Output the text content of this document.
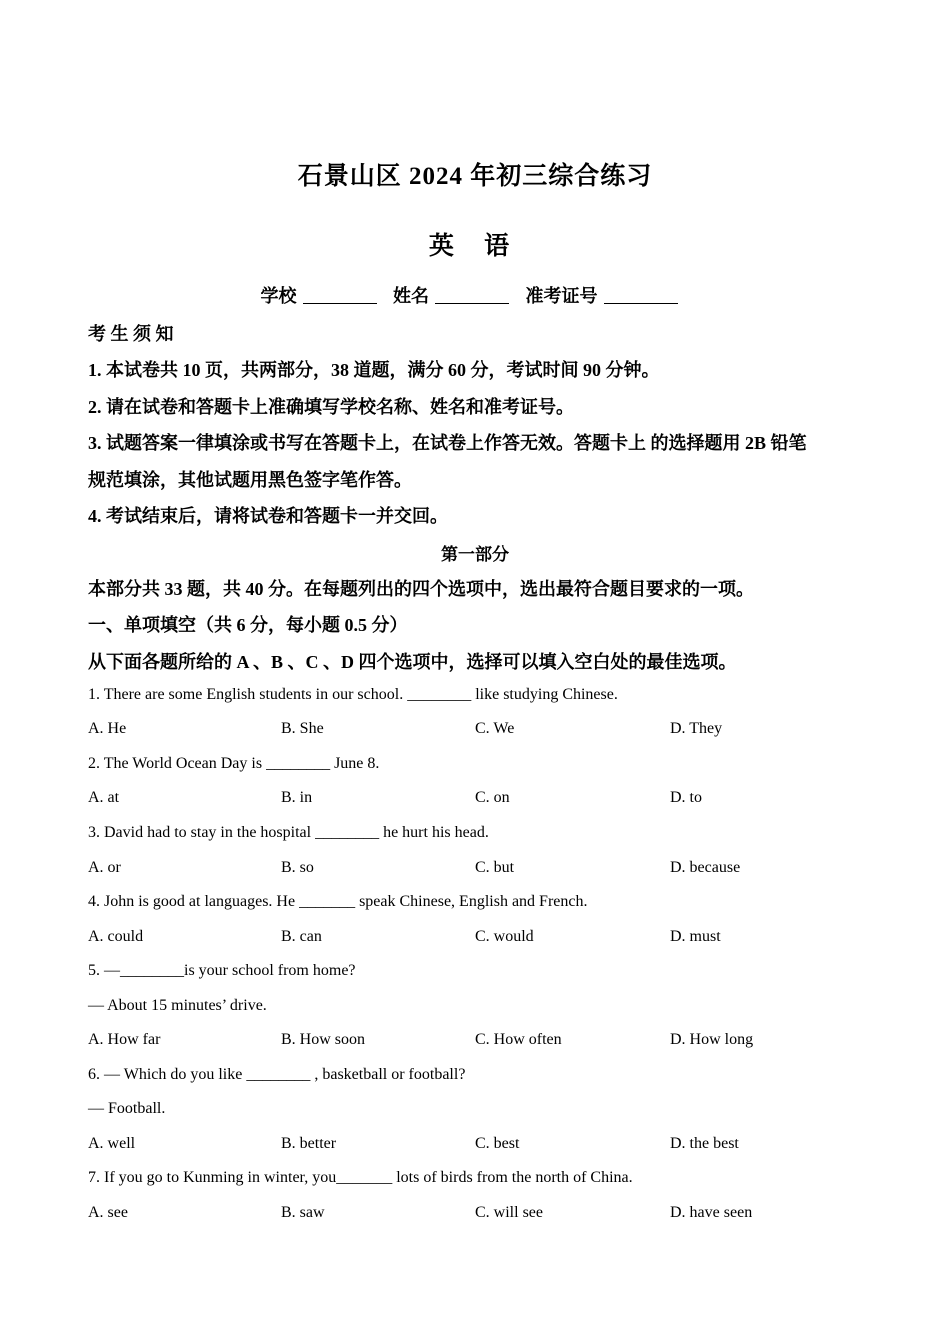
石景山区 2024 年初三综合练习
英 语
学校	姓名	准考证号
考 生 须 知
1. 本试卷共 10 页，共两部分，38 道题，满分 60 分，考试时间 90 分钟。
2. 请在试卷和答题卡上准确填写学校名称、姓名和准考证号。
3. 试题答案一律填涂或书写在答题卡上，在试卷上作答无效。答题卡上 的选择题用 2B 铅笔
规范填涂，其他试题用黑色签字笔作答。
4. 考试结束后，请将试卷和答题卡一并交回。
第一部分
本部分共 33 题，共 40 分。在每题列出的四个选项中，选出最符合题目要求的一项。
一、单项填空（共 6 分，每小题 0.5 分）
从下面各题所给的 A 、B 、C 、D 四个选项中，选择可以填入空白处的最佳选项。
1. There are some English students in our school. ________ like studying Chinese.
A. He	B. She	C. We	D. They
2. The World Ocean Day is ________ June 8.
A. at	B. in	C. on	D. to
3. David had to stay in the hospital ________ he hurt his head.
A. or	B. so	C. but	D. because
4. John is good at languages. He _______ speak Chinese, English and French.
A. could	B. can	C. would	D. must
5. —________is your school from home?
— About 15 minutes’ drive.
A. How far	B. How soon	C. How often	D. How long
6. — Which do you like ________ , basketball or football?
— Football.
A. well	B. better	C. best	D. the best
7. If you go to Kunming in winter, you_______ lots of birds from the north of China.
A. see	B. saw	C. will see	D. have seen
